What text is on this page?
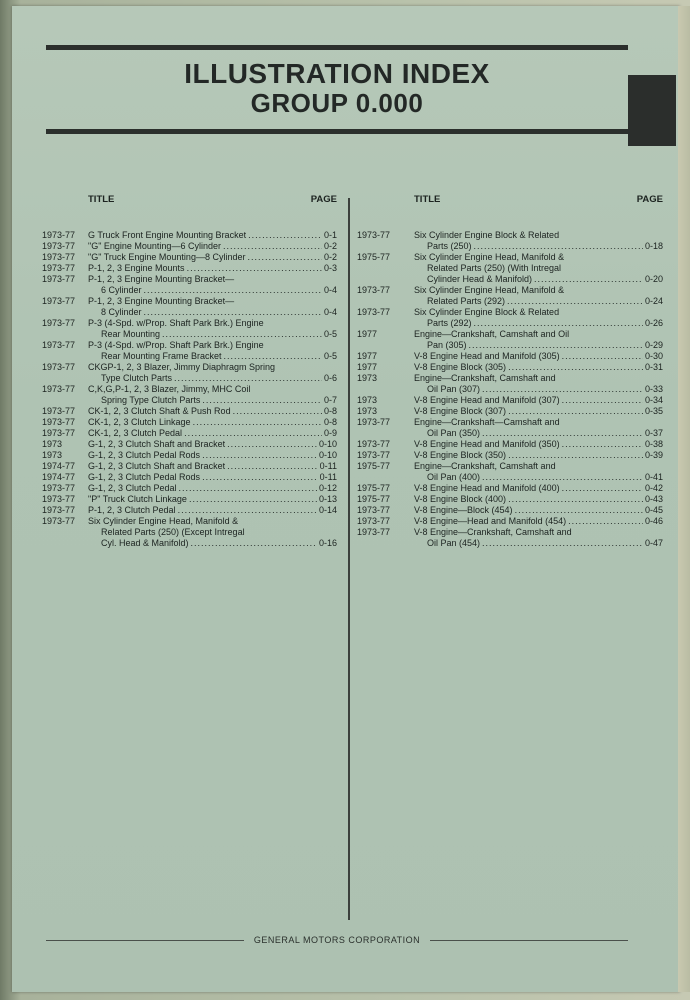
ILLUSTRATION INDEX
GROUP 0.000
TITLE	PAGE
1973-77	G Truck Front Engine Mounting Bracket .....	0-1
1973-77	"G" Engine Mounting—6 Cylinder .....	0-2
1973-77	"G" Truck Engine Mounting—8 Cylinder .....	0-2
1973-77	P-1, 2, 3 Engine Mounts .....	0-3
1973-77	P-1, 2, 3 Engine Mounting Bracket—
6 Cylinder .....	0-4
1973-77	P-1, 2, 3 Engine Mounting Bracket—
8 Cylinder .....	0-4
1973-77	P-3 (4-Spd. w/Prop. Shaft Park Brk.) Engine
Rear Mounting .....	0-5
1973-77	P-3 (4-Spd. w/Prop. Shaft Park Brk.) Engine
Rear Mounting Frame Bracket .....	0-5
1973-77	CKGP-1, 2, 3 Blazer, Jimmy Diaphragm Spring
Type Clutch Parts .....	0-6
1973-77	C,K,G,P-1, 2, 3 Blazer, Jimmy, MHC Coil
Spring Type Clutch Parts .....	0-7
1973-77	CK-1, 2, 3 Clutch Shaft & Push Rod .....	0-8
1973-77	CK-1, 2, 3 Clutch Linkage .....	0-8
1973-77	CK-1, 2, 3 Clutch Pedal .....	0-9
1973	G-1, 2, 3 Clutch Shaft and Bracket .....	0-10
1973	G-1, 2, 3 Clutch Pedal Rods .....	0-10
1974-77	G-1, 2, 3 Clutch Shaft and Bracket .....	0-11
1974-77	G-1, 2, 3 Clutch Pedal Rods .....	0-11
1973-77	G-1, 2, 3 Clutch Pedal .....	0-12
1973-77	"P" Truck Clutch Linkage .....	0-13
1973-77	P-1, 2, 3 Clutch Pedal .....	0-14
1973-77	Six Cylinder Engine Head, Manifold &
Related Parts (250) (Except Intregal
Cyl. Head & Manifold) .....	0-16
TITLE	PAGE
1973-77	Six Cylinder Engine Block & Related
Parts (250) .....	0-18
1975-77	Six Cylinder Engine Head, Manifold &
Related Parts (250) (With Intregal
Cylinder Head & Manifold) .....	0-20
1973-77	Six Cylinder Engine Head, Manifold &
Related Parts (292) .....	0-24
1973-77	Six Cylinder Engine Block & Related
Parts (292) .....	0-26
1977	Engine—Crankshaft, Camshaft and Oil
Pan (305) .....	0-29
1977	V-8 Engine Head and Manifold (305) .....	0-30
1977	V-8 Engine Block (305) .....	0-31
1973	Engine—Crankshaft, Camshaft and
Oil Pan (307) .....	0-33
1973	V-8 Engine Head and Manifold (307) .....	0-34
1973	V-8 Engine Block (307) .....	0-35
1973-77	Engine—Crankshaft—Camshaft and
Oil Pan (350) .....	0-37
1973-77	V-8 Engine Head and Manifold (350) .....	0-38
1973-77	V-8 Engine Block (350) .....	0-39
1975-77	Engine—Crankshaft, Camshaft and
Oil Pan (400) .....	0-41
1975-77	V-8 Engine Head and Manifold (400) .....	0-42
1975-77	V-8 Engine Block (400) .....	0-43
1973-77	V-8 Engine—Block (454) .....	0-45
1973-77	V-8 Engine—Head and Manifold (454) .....	0-46
1973-77	V-8 Engine—Crankshaft, Camshaft and
Oil Pan (454) .....	0-47
GENERAL MOTORS CORPORATION
